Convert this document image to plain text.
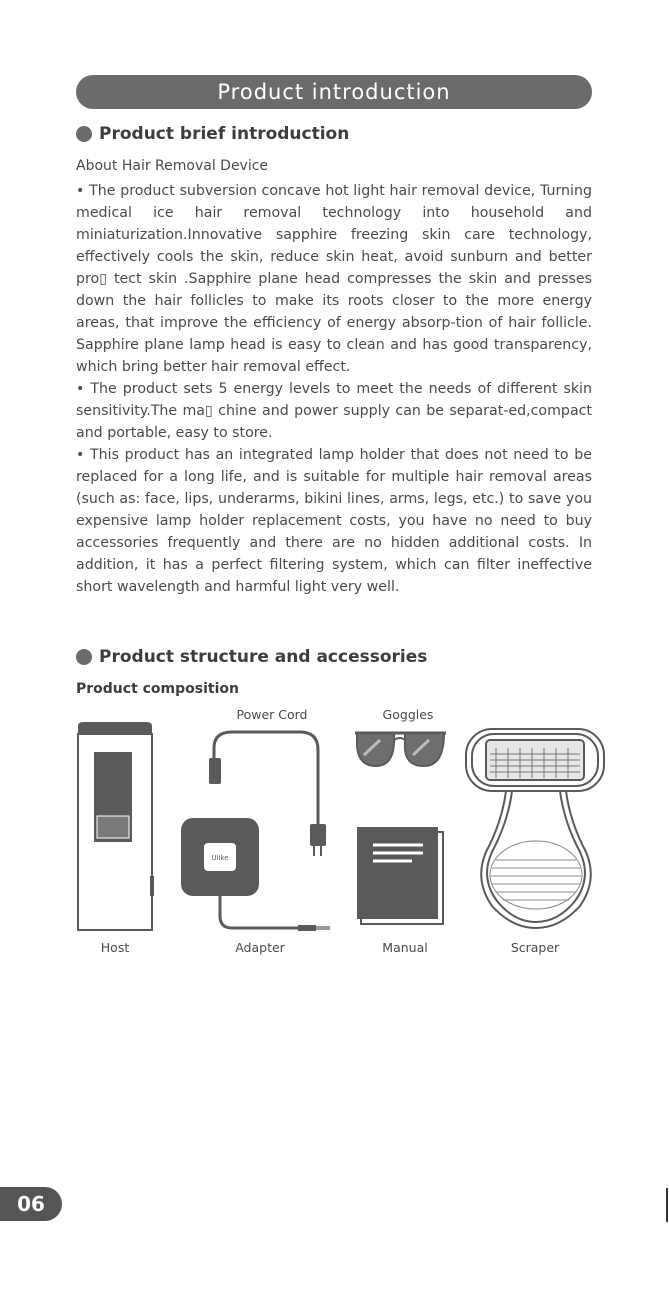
Product introduction
Product brief introduction
About Hair Removal Device

• The product subversion concave hot light hair removal device, Turning medical ice hair removal technology into household and miniaturization.Innovative sapphire freezing skin care technology, effectively cools the skin, reduce skin heat, avoid sunburn and better pro▯ tect skin .Sapphire plane head compresses the skin and presses down the hair follicles to make its roots closer to the more energy areas, that improve the efficiency of energy absorp-tion of hair follicle. Sapphire plane lamp head is easy to clean and has good transparency, which bring better hair removal effect.

• The product sets 5 energy levels to meet the needs of different skin sensitivity.The ma▯ chine and power supply can be separat-ed,compact and portable, easy to store.

• This product has an integrated lamp holder that does not need to be replaced for a long life, and is suitable for multiple hair removal areas (such as: face, lips, underarms, bikini lines, arms, legs, etc.) to save you expensive lamp holder replacement costs, you have no need to buy accessories frequently and there are no hidden additional costs. In addition, it has a perfect filtering system, which can filter ineffective short wavelength and harmful light very well.

Product structure and accessories
Product composition
Ulike
Power Cord	Goggles
Host	Adapter	Manual	Scraper
06
